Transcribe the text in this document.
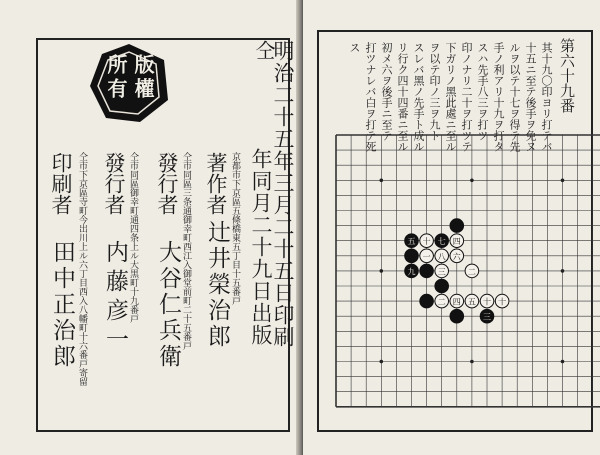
版
權
所
有
仝
明治二十五年三月二十五日印刷
年同月二十九日出版
京都市下京區五條橋東五丁目十五番戸
著作者
辻井榮治郎
仝市同區三条通御幸町西江入御堂前町二十五番戸
發行者
大谷仁兵衛
仝市同區御幸町通四条上ル大黒町十九番戸
發行者
内藤彦一
仝市下京區寺町今出川上ル六丁目西入八幡町十六番戸寄留
印刷者
田中正治郎
第六十九番
其十九〇印ヨリ打テバ
十五ニ至テ後手ヲ免ヌ
ルヲ以テ十七ヲ得テ先
手ノ利アリ十九ヲ打タ
スハ先手八三ヲ打ツ
印ノナリ二十ヲ打ツテ
下ガリノ黑此處ニ至ル
ヲ以テ印ノ三ヲ九ト
スレバ黑ノ先手ト成ル
リ行ク四十四番ニ至ル
初メ六ヲ後手ニ至テ
打ツナレバ白ヲ打テ死
ス
五 十 七 四
一 八 六
九	三	二
二 四 五 十 十
三
